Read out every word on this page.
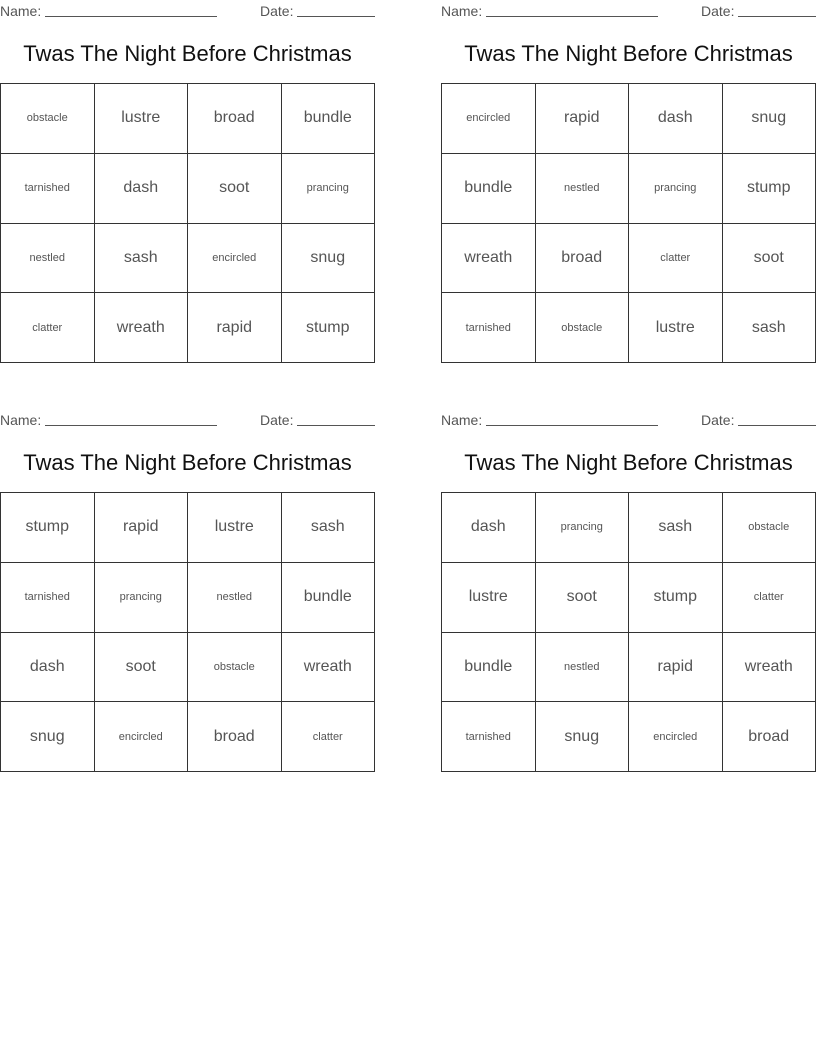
Name:	Date:
Twas The Night Before Christmas
obstacle	lustre	broad	bundle
tarnished	dash	soot	prancing
nestled	sash	encircled	snug
clatter	wreath	rapid	stump
Name:	Date:
Twas The Night Before Christmas
encircled	rapid	dash	snug
bundle	nestled	prancing	stump
wreath	broad	clatter	soot
tarnished	obstacle	lustre	sash
Name:	Date:
Twas The Night Before Christmas
stump	rapid	lustre	sash
tarnished	prancing	nestled	bundle
dash	soot	obstacle	wreath
snug	encircled	broad	clatter
Name:	Date:
Twas The Night Before Christmas
dash	prancing	sash	obstacle
lustre	soot	stump	clatter
bundle	nestled	rapid	wreath
tarnished	snug	encircled	broad
